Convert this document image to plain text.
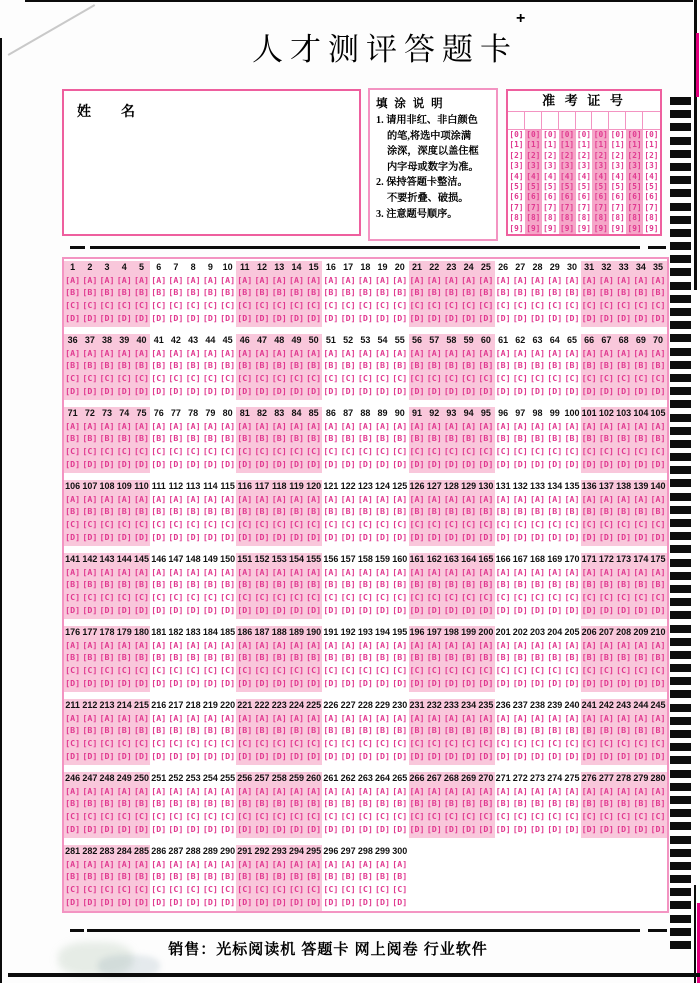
人才测评答题卡
+
姓 名	填 涂 说 明
1. 请用非红、非白颜色
的笔,将选中项涂满
涂深，深度以盖住框
内字母或数字为准。
2. 保持答题卡整洁。
不要折叠、破损。
3. 注意题号顺序。
准 考 证 号
[0] [0] [0] [0] [0] [0] [0] [0] [0]
[1] [1] [1] [1] [1] [1] [1] [1] [1]
[2] [2] [2] [2] [2] [2] [2] [2] [2]
[3] [3] [3] [3] [3] [3] [3] [3] [3]
[4] [4] [4] [4] [4] [4] [4] [4] [4]
[5] [5] [5] [5] [5] [5] [5] [5] [5]
[6] [6] [6] [6] [6] [6] [6] [6] [6]
[7] [7] [7] [7] [7] [7] [7] [7] [7]
[8] [8] [8] [8] [8] [8] [8] [8] [8]
[9] [9] [9] [9] [9] [9] [9] [9] [9]
1	2	3	4	5	6	7	8	9	10 11 12 13 14 15 16 17 18 19 20 21 22 23 24 25 26 27 28 29 30 31 32 33 34 35
[A] [A] [A] [A] [A] [A] [A] [A] [A] [A] [A] [A] [A] [A] [A] [A] [A] [A] [A] [A] [A] [A] [A] [A] [A] [A] [A] [A] [A] [A] [A] [A] [A] [A] [A]
[B] [B] [B] [B] [B] [B] [B] [B] [B] [B] [B] [B] [B] [B] [B] [B] [B] [B] [B] [B] [B] [B] [B] [B] [B] [B] [B] [B] [B] [B] [B] [B] [B] [B] [B]
[C] [C] [C] [C] [C] [C] [C] [C] [C] [C] [C] [C] [C] [C] [C] [C] [C] [C] [C] [C] [C] [C] [C] [C] [C] [C] [C] [C] [C] [C] [C] [C] [C] [C] [C]
[D] [D] [D] [D] [D] [D] [D] [D] [D] [D] [D] [D] [D] [D] [D] [D] [D] [D] [D] [D] [D] [D] [D] [D] [D] [D] [D] [D] [D] [D] [D] [D] [D] [D] [D]
36 37 38 39 40 41 42 43 44 45 46 47 48 49 50 51 52 53 54 55 56 57 58 59 60 61 62 63 64 65 66 67 68 69 70
[A] [A] [A] [A] [A] [A] [A] [A] [A] [A] [A] [A] [A] [A] [A] [A] [A] [A] [A] [A] [A] [A] [A] [A] [A] [A] [A] [A] [A] [A] [A] [A] [A] [A] [A]
[B] [B] [B] [B] [B] [B] [B] [B] [B] [B] [B] [B] [B] [B] [B] [B] [B] [B] [B] [B] [B] [B] [B] [B] [B] [B] [B] [B] [B] [B] [B] [B] [B] [B] [B]
[C] [C] [C] [C] [C] [C] [C] [C] [C] [C] [C] [C] [C] [C] [C] [C] [C] [C] [C] [C] [C] [C] [C] [C] [C] [C] [C] [C] [C] [C] [C] [C] [C] [C] [C]
[D] [D] [D] [D] [D] [D] [D] [D] [D] [D] [D] [D] [D] [D] [D] [D] [D] [D] [D] [D] [D] [D] [D] [D] [D] [D] [D] [D] [D] [D] [D] [D] [D] [D] [D]
71 72 73 74 75 76 77 78 79 80 81 82 83 84 85 86 87 88 89 90 91 92 93 94 95 96 97 98 99 100 101 102 103 104 105
[A] [A] [A] [A] [A] [A] [A] [A] [A] [A] [A] [A] [A] [A] [A] [A] [A] [A] [A] [A] [A] [A] [A] [A] [A] [A] [A] [A] [A] [A] [A] [A] [A] [A] [A]
[B] [B] [B] [B] [B] [B] [B] [B] [B] [B] [B] [B] [B] [B] [B] [B] [B] [B] [B] [B] [B] [B] [B] [B] [B] [B] [B] [B] [B] [B] [B] [B] [B] [B] [B]
[C] [C] [C] [C] [C] [C] [C] [C] [C] [C] [C] [C] [C] [C] [C] [C] [C] [C] [C] [C] [C] [C] [C] [C] [C] [C] [C] [C] [C] [C] [C] [C] [C] [C] [C]
[D] [D] [D] [D] [D] [D] [D] [D] [D] [D] [D] [D] [D] [D] [D] [D] [D] [D] [D] [D] [D] [D] [D] [D] [D] [D] [D] [D] [D] [D] [D] [D] [D] [D] [D]
106 107 108 109 110 111 112 113 114 115 116 117 118 119 120 121 122 123 124 125 126 127 128 129 130 131 132 133 134 135 136 137 138 139 140
[A] [A] [A] [A] [A] [A] [A] [A] [A] [A] [A] [A] [A] [A] [A] [A] [A] [A] [A] [A] [A] [A] [A] [A] [A] [A] [A] [A] [A] [A] [A] [A] [A] [A] [A]
[B] [B] [B] [B] [B] [B] [B] [B] [B] [B] [B] [B] [B] [B] [B] [B] [B] [B] [B] [B] [B] [B] [B] [B] [B] [B] [B] [B] [B] [B] [B] [B] [B] [B] [B]
[C] [C] [C] [C] [C] [C] [C] [C] [C] [C] [C] [C] [C] [C] [C] [C] [C] [C] [C] [C] [C] [C] [C] [C] [C] [C] [C] [C] [C] [C] [C] [C] [C] [C] [C]
[D] [D] [D] [D] [D] [D] [D] [D] [D] [D] [D] [D] [D] [D] [D] [D] [D] [D] [D] [D] [D] [D] [D] [D] [D] [D] [D] [D] [D] [D] [D] [D] [D] [D] [D]
141 142 143 144 145 146 147 148 149 150 151 152 153 154 155 156 157 158 159 160 161 162 163 164 165 166 167 168 169 170 171 172 173 174 175
[A] [A] [A] [A] [A] [A] [A] [A] [A] [A] [A] [A] [A] [A] [A] [A] [A] [A] [A] [A] [A] [A] [A] [A] [A] [A] [A] [A] [A] [A] [A] [A] [A] [A] [A]
[B] [B] [B] [B] [B] [B] [B] [B] [B] [B] [B] [B] [B] [B] [B] [B] [B] [B] [B] [B] [B] [B] [B] [B] [B] [B] [B] [B] [B] [B] [B] [B] [B] [B] [B]
[C] [C] [C] [C] [C] [C] [C] [C] [C] [C] [C] [C] [C] [C] [C] [C] [C] [C] [C] [C] [C] [C] [C] [C] [C] [C] [C] [C] [C] [C] [C] [C] [C] [C] [C]
[D] [D] [D] [D] [D] [D] [D] [D] [D] [D] [D] [D] [D] [D] [D] [D] [D] [D] [D] [D] [D] [D] [D] [D] [D] [D] [D] [D] [D] [D] [D] [D] [D] [D] [D]
176 177 178 179 180 181 182 183 184 185 186 187 188 189 190 191 192 193 194 195 196 197 198 199 200 201 202 203 204 205 206 207 208 209 210
[A] [A] [A] [A] [A] [A] [A] [A] [A] [A] [A] [A] [A] [A] [A] [A] [A] [A] [A] [A] [A] [A] [A] [A] [A] [A] [A] [A] [A] [A] [A] [A] [A] [A] [A]
[B] [B] [B] [B] [B] [B] [B] [B] [B] [B] [B] [B] [B] [B] [B] [B] [B] [B] [B] [B] [B] [B] [B] [B] [B] [B] [B] [B] [B] [B] [B] [B] [B] [B] [B]
[C] [C] [C] [C] [C] [C] [C] [C] [C] [C] [C] [C] [C] [C] [C] [C] [C] [C] [C] [C] [C] [C] [C] [C] [C] [C] [C] [C] [C] [C] [C] [C] [C] [C] [C]
[D] [D] [D] [D] [D] [D] [D] [D] [D] [D] [D] [D] [D] [D] [D] [D] [D] [D] [D] [D] [D] [D] [D] [D] [D] [D] [D] [D] [D] [D] [D] [D] [D] [D] [D]
211 212 213 214 215 216 217 218 219 220 221 222 223 224 225 226 227 228 229 230 231 232 233 234 235 236 237 238 239 240 241 242 243 244 245
[A] [A] [A] [A] [A] [A] [A] [A] [A] [A] [A] [A] [A] [A] [A] [A] [A] [A] [A] [A] [A] [A] [A] [A] [A] [A] [A] [A] [A] [A] [A] [A] [A] [A] [A]
[B] [B] [B] [B] [B] [B] [B] [B] [B] [B] [B] [B] [B] [B] [B] [B] [B] [B] [B] [B] [B] [B] [B] [B] [B] [B] [B] [B] [B] [B] [B] [B] [B] [B] [B]
[C] [C] [C] [C] [C] [C] [C] [C] [C] [C] [C] [C] [C] [C] [C] [C] [C] [C] [C] [C] [C] [C] [C] [C] [C] [C] [C] [C] [C] [C] [C] [C] [C] [C] [C]
[D] [D] [D] [D] [D] [D] [D] [D] [D] [D] [D] [D] [D] [D] [D] [D] [D] [D] [D] [D] [D] [D] [D] [D] [D] [D] [D] [D] [D] [D] [D] [D] [D] [D] [D]
246 247 248 249 250 251 252 253 254 255 256 257 258 259 260 261 262 263 264 265 266 267 268 269 270 271 272 273 274 275 276 277 278 279 280
[A] [A] [A] [A] [A] [A] [A] [A] [A] [A] [A] [A] [A] [A] [A] [A] [A] [A] [A] [A] [A] [A] [A] [A] [A] [A] [A] [A] [A] [A] [A] [A] [A] [A] [A]
[B] [B] [B] [B] [B] [B] [B] [B] [B] [B] [B] [B] [B] [B] [B] [B] [B] [B] [B] [B] [B] [B] [B] [B] [B] [B] [B] [B] [B] [B] [B] [B] [B] [B] [B]
[C] [C] [C] [C] [C] [C] [C] [C] [C] [C] [C] [C] [C] [C] [C] [C] [C] [C] [C] [C] [C] [C] [C] [C] [C] [C] [C] [C] [C] [C] [C] [C] [C] [C] [C]
[D] [D] [D] [D] [D] [D] [D] [D] [D] [D] [D] [D] [D] [D] [D] [D] [D] [D] [D] [D] [D] [D] [D] [D] [D] [D] [D] [D] [D] [D] [D] [D] [D] [D] [D]
281 282 283 284 285 286 287 288 289 290 291 292 293 294 295 296 297 298 299 300
[A] [A] [A] [A] [A] [A] [A] [A] [A] [A] [A] [A] [A] [A] [A] [A] [A] [A] [A] [A]
[B] [B] [B] [B] [B] [B] [B] [B] [B] [B] [B] [B] [B] [B] [B] [B] [B] [B] [B] [B]
[C] [C] [C] [C] [C] [C] [C] [C] [C] [C] [C] [C] [C] [C] [C] [C] [C] [C] [C] [C]
[D] [D] [D] [D] [D] [D] [D] [D] [D] [D] [D] [D] [D] [D] [D] [D] [D] [D] [D] [D]
销售：光标阅读机 答题卡 网上阅卷 行业软件
